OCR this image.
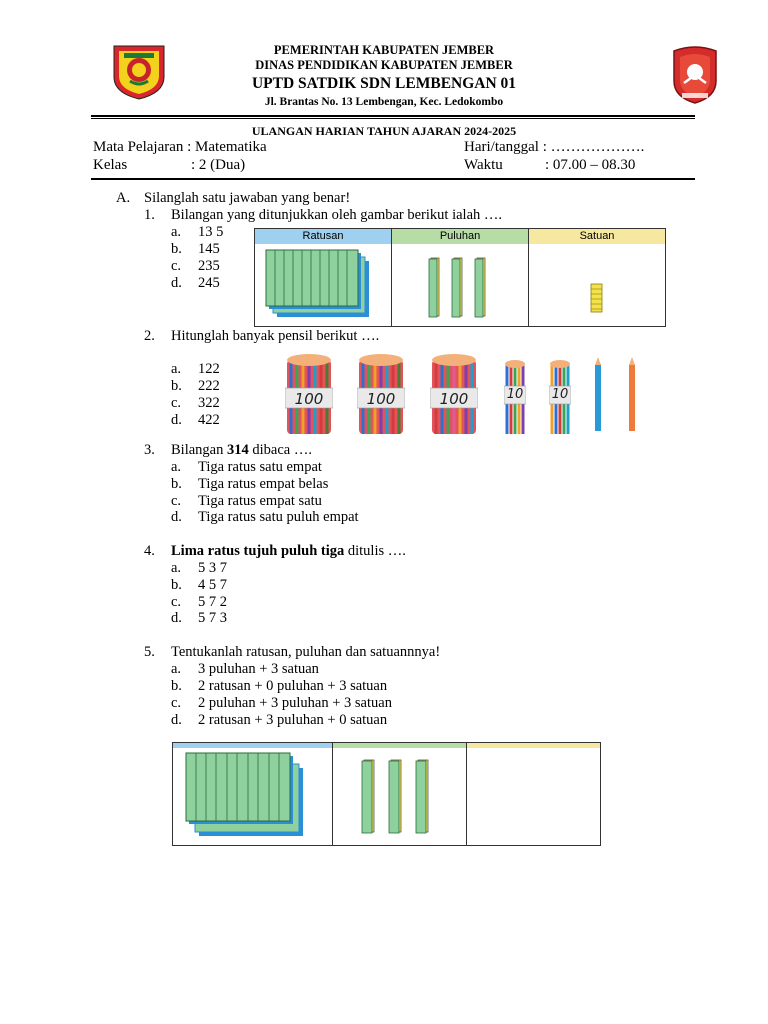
PEMERINTAH KABUPATEN JEMBER
DINAS PENDIDIKAN KABUPATEN JEMBER
UPTD SATDIK SDN LEMBENGAN 01
Jl. Brantas No. 13 Lembengan, Kec. Ledokombo
ULANGAN HARIAN TAHUN AJARAN 2024-2025
Mata Pelajaran : Matematika
Kelas	: 2 (Dua)
Hari/tanggal : ……………….
Waktu	: 07.00 – 08.30
A. Silanglah satu jawaban yang benar!
1. Bilangan yang ditunjukkan oleh gambar berikut ialah ….
a. 13 5
b. 145
c. 235
d. 245
Ratusan	Puluhan	Satuan
2. Hitunglah banyak pensil berikut ….
a. 122
b. 222
c. 322
d. 422
100	100	100	10 10
3. Bilangan 314 dibaca ….
a. Tiga ratus satu empat
b. Tiga ratus empat belas
c. Tiga ratus empat satu
d. Tiga ratus satu puluh empat
4. Lima ratus tujuh puluh tiga ditulis ….
a. 5 3 7
b. 4 5 7
c. 5 7 2
d. 5 7 3
5. Tentukanlah ratusan, puluhan dan satuannnya!
a. 3 puluhan + 3 satuan
b. 2 ratusan + 0 puluhan + 3 satuan
c. 2 puluhan + 3 puluhan + 3 satuan
d. 2 ratusan + 3 puluhan + 0 satuan
